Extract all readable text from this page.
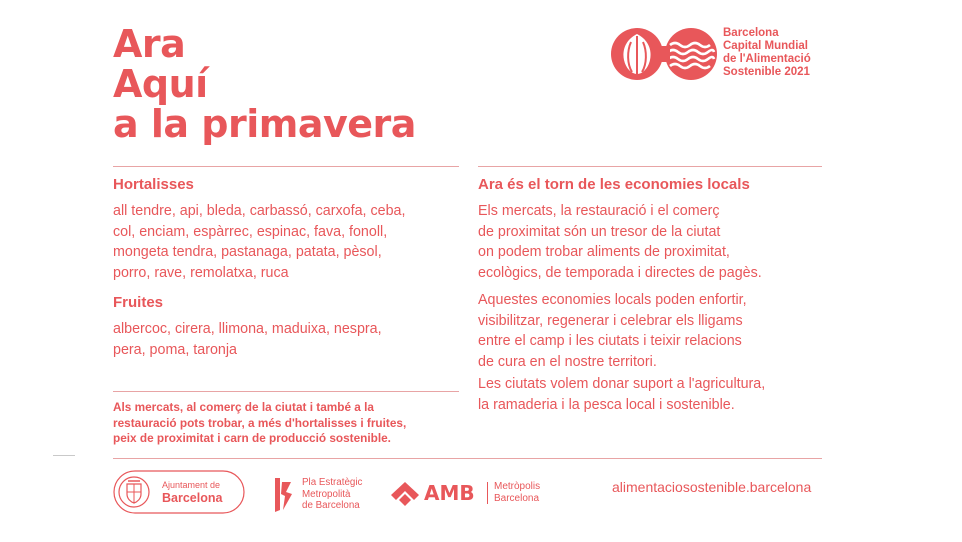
Ara
Aquí
a la primavera
Barcelona
Capital Mundial
de l'Alimentació
Sostenible 2021
Hortalisses
all tendre, api, bleda, carbassó, carxofa, ceba,
col, enciam, espàrrec, espinac, fava, fonoll,
mongeta tendra, pastanaga, patata, pèsol,
porro, rave, remolatxa, ruca
Fruites
albercoc, cirera, llimona, maduixa, nespra,
pera, poma, taronja
Ara és el torn de les economies locals
Els mercats, la restauració i el comerç
de proximitat són un tresor de la ciutat
on podem trobar aliments de proximitat,
ecològics, de temporada i directes de pagès.
Aquestes economies locals poden enfortir,
visibilitzar, regenerar i celebrar els lligams
entre el camp i les ciutats i teixir relacions
de cura en el nostre territori.
Les ciutats volem donar suport a l'agricultura,
la ramaderia i la pesca local i sostenible.
Als mercats, al comerç de la ciutat i també a la
restauració pots trobar, a més d'hortalisses i fruites,
peix de proximitat i carn de producció sostenible.
Ajuntament de
Barcelona
Pla Estratègic
Metropolità
de Barcelona
AMB Metròpolis
Barcelona
alimentaciosostenible.barcelona
